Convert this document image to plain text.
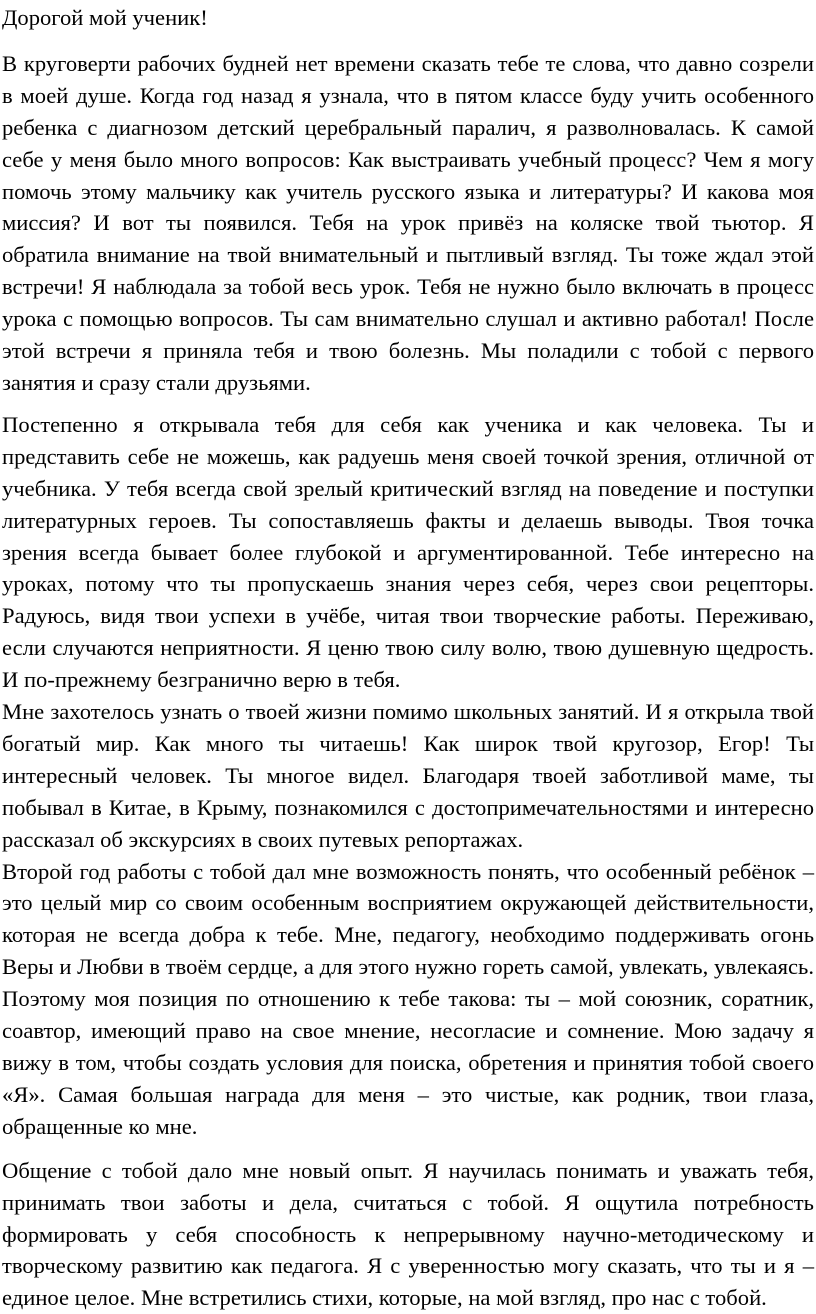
Дорогой мой ученик!

В круговерти рабочих будней нет времени сказать тебе те слова, что давно созрели в моей душе. Когда год назад я узнала, что в пятом классе буду учить особенного ребенка с диагнозом детский церебральный паралич, я разволновалась. К самой себе у меня было много вопросов: Как выстраивать учебный процесс? Чем я могу помочь этому мальчику как учитель русского языка и литературы? И какова моя миссия? И вот ты появился. Тебя на урок привёз на коляске твой тьютор. Я обратила внимание на твой внимательный и пытливый взгляд. Ты тоже ждал этой встречи! Я наблюдала за тобой весь урок. Тебя не нужно было включать в процесс урока с помощью вопросов. Ты сам внимательно слушал и активно работал! После этой встречи я приняла тебя и твою болезнь. Мы поладили с тобой с первого занятия и сразу стали друзьями.

Постепенно я открывала тебя для себя как ученика и как человека. Ты и представить себе не можешь, как радуешь меня своей точкой зрения, отличной от учебника. У тебя всегда свой зрелый критический взгляд на поведение и поступки литературных героев. Ты сопоставляешь факты и делаешь выводы. Твоя точка зрения всегда бывает более глубокой и аргументированной. Тебе интересно на уроках, потому что ты пропускаешь знания через себя, через свои рецепторы. Радуюсь, видя твои успехи в учёбе, читая твои творческие работы. Переживаю, если случаются неприятности. Я ценю твою силу волю, твою душевную щедрость. И по-прежнему безгранично верю в тебя.

Мне захотелось узнать о твоей жизни помимо школьных занятий. И я открыла твой богатый мир. Как много ты читаешь! Как широк твой кругозор, Егор! Ты интересный человек. Ты многое видел. Благодаря твоей заботливой маме, ты побывал в Китае, в Крыму, познакомился с достопримечательностями и интересно рассказал об экскурсиях в своих путевых репортажах.

Второй год работы с тобой дал мне возможность понять, что особенный ребёнок – это целый мир со своим особенным восприятием окружающей действительности, которая не всегда добра к тебе. Мне, педагогу, необходимо поддерживать огонь Веры и Любви в твоём сердце, а для этого нужно гореть самой, увлекать, увлекаясь. Поэтому моя позиция по отношению к тебе такова: ты – мой союзник, соратник, соавтор, имеющий право на свое мнение, несогласие и сомнение. Мою задачу я вижу в том, чтобы создать условия для поиска, обретения и принятия тобой своего «Я». Самая большая награда для меня – это чистые, как родник, твои глаза, обращенные ко мне.

Общение с тобой дало мне новый опыт. Я научилась понимать и уважать тебя, принимать твои заботы и дела, считаться с тобой. Я ощутила потребность формировать у себя способность к непрерывному научно-методическому и творческому развитию как педагога. Я с уверенностью могу сказать, что ты и я – единое целое. Мне встретились стихи, которые, на мой взгляд, про нас с тобой.
